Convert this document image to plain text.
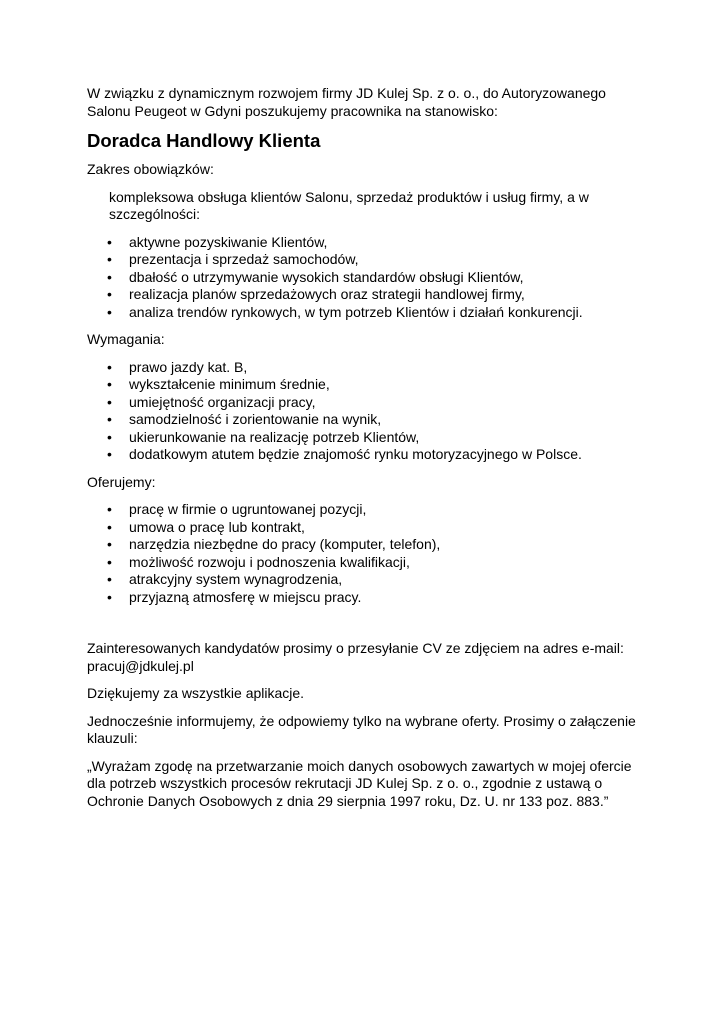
W związku z dynamicznym rozwojem firmy JD Kulej Sp. z o. o., do Autoryzowanego Salonu Peugeot w Gdyni poszukujemy pracownika na stanowisko:

Doradca Handlowy Klienta

Zakres obowiązków:

kompleksowa obsługa klientów Salonu, sprzedaż produktów i usług firmy, a w szczególności:

• aktywne pozyskiwanie Klientów,
• prezentacja i sprzedaż samochodów,
• dbałość o utrzymywanie wysokich standardów obsługi Klientów,
• realizacja planów sprzedażowych oraz strategii handlowej firmy,
• analiza trendów rynkowych, w tym potrzeb Klientów i działań konkurencji.

Wymagania:

• prawo jazdy kat. B,
• wykształcenie minimum średnie,
• umiejętność organizacji pracy,
• samodzielność i zorientowanie na wynik,
• ukierunkowanie na realizację potrzeb Klientów,
• dodatkowym atutem będzie znajomość rynku motoryzacyjnego w Polsce.

Oferujemy:

• pracę w firmie o ugruntowanej pozycji,
• umowa o pracę lub kontrakt,
• narzędzia niezbędne do pracy (komputer, telefon),
• możliwość rozwoju i podnoszenia kwalifikacji,
• atrakcyjny system wynagrodzenia,
• przyjazną atmosferę w miejscu pracy.

Zainteresowanych kandydatów prosimy o przesyłanie CV ze zdjęciem na adres e-mail: pracuj@jdkulej.pl

Dziękujemy za wszystkie aplikacje.

Jednocześnie informujemy, że odpowiemy tylko na wybrane oferty. Prosimy o załączenie klauzuli:

„Wyrażam zgodę na przetwarzanie moich danych osobowych zawartych w mojej ofercie dla potrzeb wszystkich procesów rekrutacji JD Kulej Sp. z o. o., zgodnie z ustawą o Ochronie Danych Osobowych z dnia 29 sierpnia 1997 roku, Dz. U. nr 133 poz. 883.”
